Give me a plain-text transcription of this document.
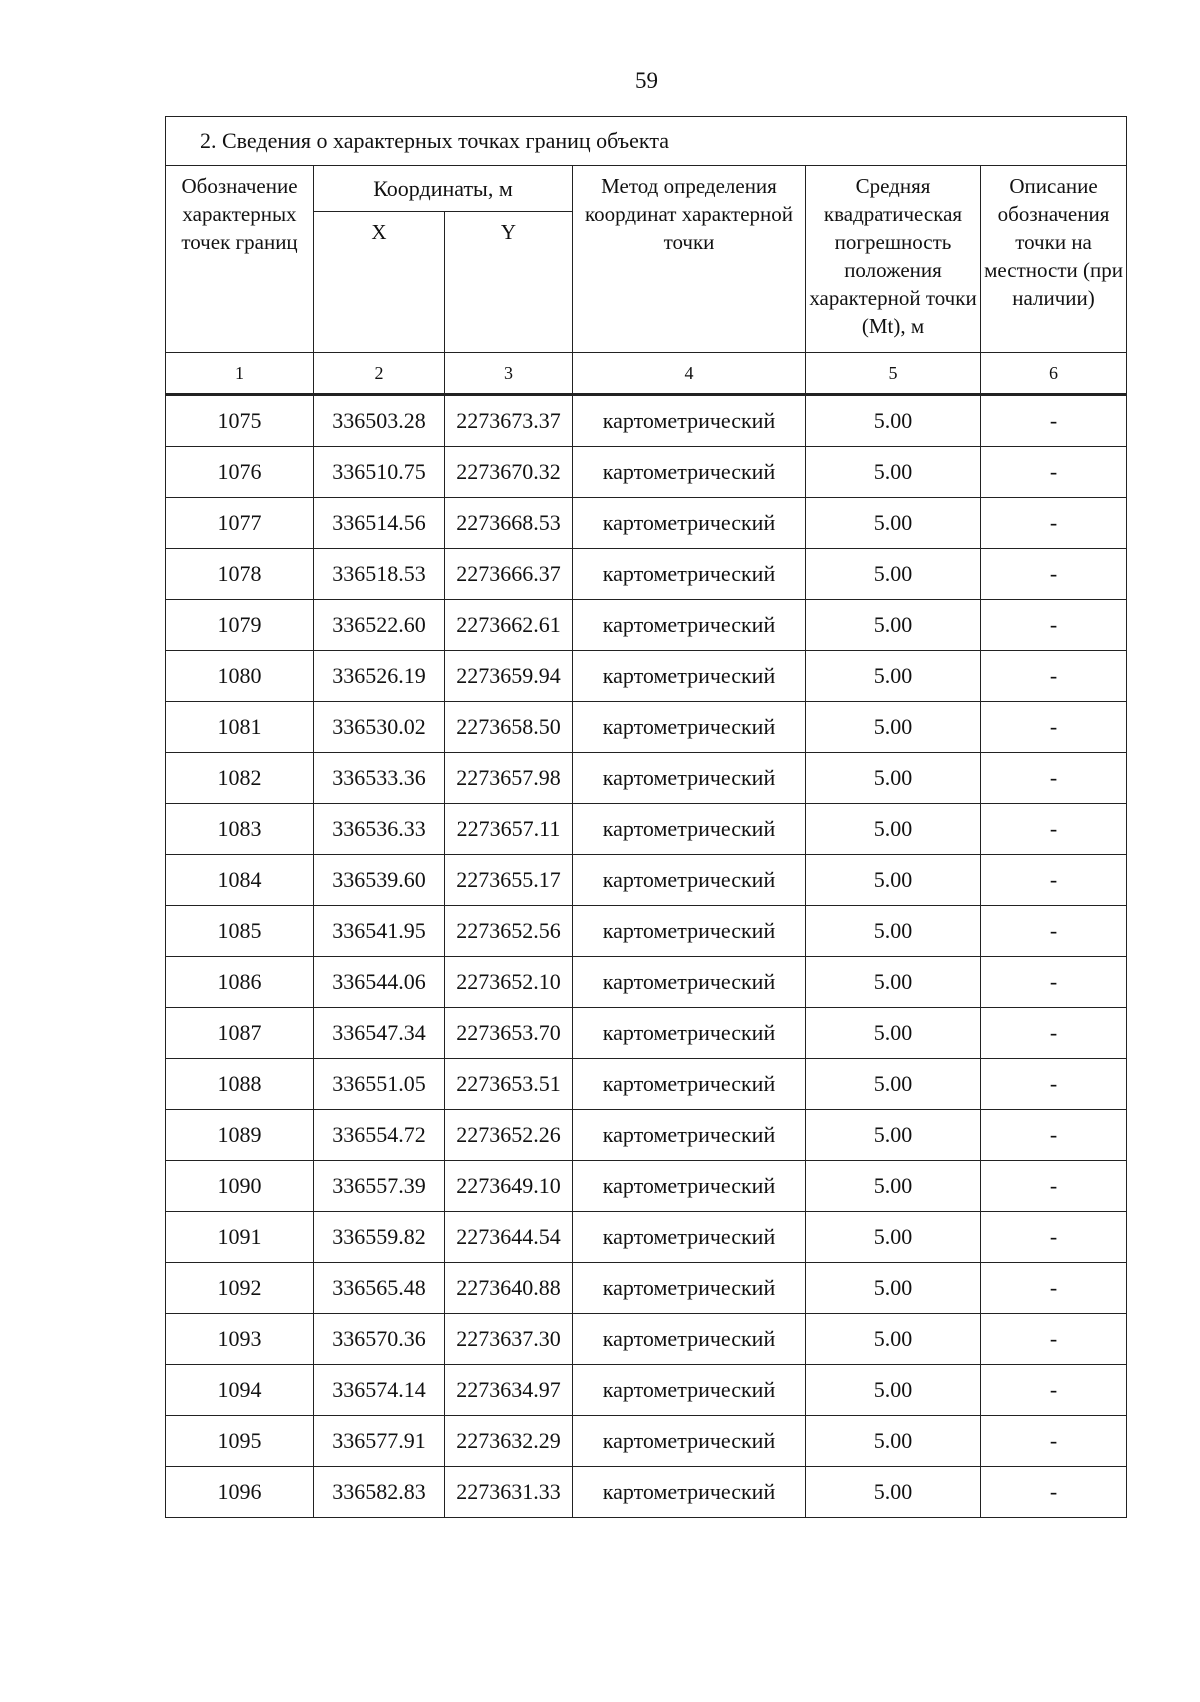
59
2. Сведения о характерных точках границ объекта					
Обозначение характерных точек границ	Координаты, м		Метод определения координат характерной точки	Средняя квадратическая погрешность положения характерной точки (Mt), м	Описание обозначения точки на местности (при наличии)
	X	Y			
1	2	3	4	5	6
1075	336503.28	2273673.37	картометрический	5.00	-
1076	336510.75	2273670.32	картометрический	5.00	-
1077	336514.56	2273668.53	картометрический	5.00	-
1078	336518.53	2273666.37	картометрический	5.00	-
1079	336522.60	2273662.61	картометрический	5.00	-
1080	336526.19	2273659.94	картометрический	5.00	-
1081	336530.02	2273658.50	картометрический	5.00	-
1082	336533.36	2273657.98	картометрический	5.00	-
1083	336536.33	2273657.11	картометрический	5.00	-
1084	336539.60	2273655.17	картометрический	5.00	-
1085	336541.95	2273652.56	картометрический	5.00	-
1086	336544.06	2273652.10	картометрический	5.00	-
1087	336547.34	2273653.70	картометрический	5.00	-
1088	336551.05	2273653.51	картометрический	5.00	-
1089	336554.72	2273652.26	картометрический	5.00	-
1090	336557.39	2273649.10	картометрический	5.00	-
1091	336559.82	2273644.54	картометрический	5.00	-
1092	336565.48	2273640.88	картометрический	5.00	-
1093	336570.36	2273637.30	картометрический	5.00	-
1094	336574.14	2273634.97	картометрический	5.00	-
1095	336577.91	2273632.29	картометрический	5.00	-
1096	336582.83	2273631.33	картометрический	5.00	-
